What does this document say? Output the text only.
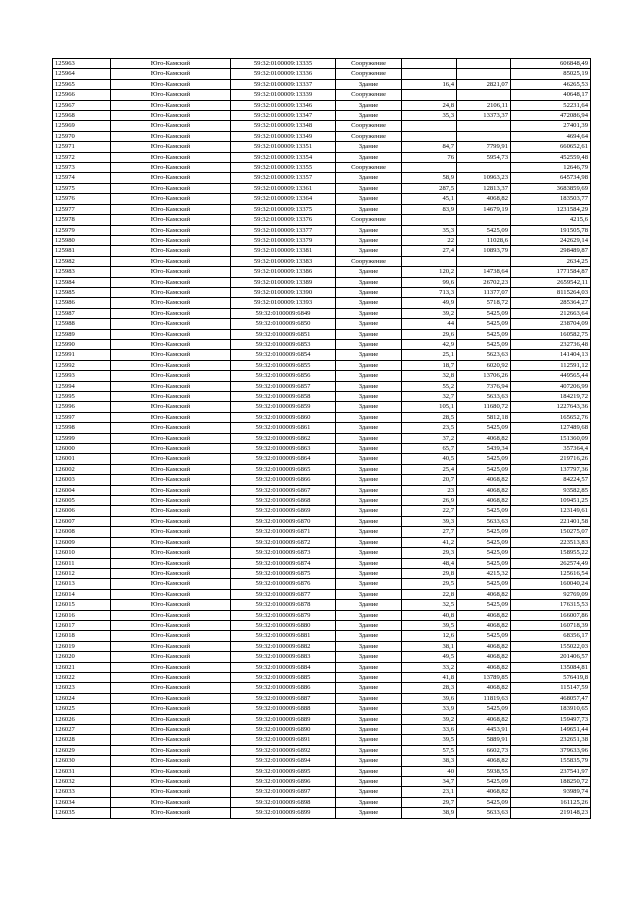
125963	Юго-Камский	59:32:0100009:13335	Сооружение			606848,49
125964	Юго-Камский	59:32:0100009:13336	Сооружение			85025,19
125965	Юго-Камский	59:32:0100009:13337	Здание	16,4	2821,07	46265,53
125966	Юго-Камский	59:32:0100009:13339	Сооружение			40648,17
125967	Юго-Камский	59:32:0100009:13346	Здание	24,8	2106,11	52231,64
125968	Юго-Камский	59:32:0100009:13347	Здание	35,3	13373,37	472086,94
125969	Юго-Камский	59:32:0100009:13348	Сооружение			27401,39
125970	Юго-Камский	59:32:0100009:13349	Сооружение			4694,64
125971	Юго-Камский	59:32:0100009:13351	Здание	84,7	7799,91	660652,61
125972	Юго-Камский	59:32:0100009:13354	Здание	76	5954,73	452559,48
125973	Юго-Камский	59:32:0100009:13355	Сооружение			12646,79
125974	Юго-Камский	59:32:0100009:13357	Здание	58,9	10963,23	645734,98
125975	Юго-Камский	59:32:0100009:13361	Здание	287,5	12813,37	3683859,69
125976	Юго-Камский	59:32:0100009:13364	Здание	45,1	4068,82	183503,77
125977	Юго-Камский	59:32:0100009:13375	Здание	83,9	14679,19	1231584,29
125978	Юго-Камский	59:32:0100009:13376	Сооружение			4215,6
125979	Юго-Камский	59:32:0100009:13377	Здание	35,3	5425,09	191505,78
125980	Юго-Камский	59:32:0100009:13379	Здание	22	11028,6	242629,14
125981	Юго-Камский	59:32:0100009:13381	Здание	27,4	10893,79	298489,87
125982	Юго-Камский	59:32:0100009:13383	Сооружение			2634,25
125983	Юго-Камский	59:32:0100009:13386	Здание	120,2	14738,64	1771584,87
125984	Юго-Камский	59:32:0100009:13389	Здание	99,6	26702,23	2659542,11
125985	Юго-Камский	59:32:0100009:13390	Здание	713,3	11377,07	8115264,03
125986	Юго-Камский	59:32:0100009:13393	Здание	49,9	5718,72	285364,27
125987	Юго-Камский	59:32:0100009:6849	Здание	39,2	5425,09	212663,64
125988	Юго-Камский	59:32:0100009:6850	Здание	44	5425,09	238704,09
125989	Юго-Камский	59:32:0100009:6851	Здание	29,6	5425,09	160582,75
125990	Юго-Камский	59:32:0100009:6853	Здание	42,9	5425,09	232736,48
125991	Юго-Камский	59:32:0100009:6854	Здание	25,1	5623,63	141404,13
125992	Юго-Камский	59:32:0100009:6855	Здание	18,7	6020,92	112591,12
125993	Юго-Камский	59:32:0100009:6856	Здание	32,8	13706,26	449565,44
125994	Юго-Камский	59:32:0100009:6857	Здание	55,2	7376,94	407206,99
125995	Юго-Камский	59:32:0100009:6858	Здание	32,7	5633,63	184219,72
125996	Юго-Камский	59:32:0100009:6859	Здание	105,1	11680,72	1227643,36
125997	Юго-Камский	59:32:0100009:6860	Здание	28,5	5812,18	165652,76
125998	Юго-Камский	59:32:0100009:6861	Здание	23,5	5425,09	127489,68
125999	Юго-Камский	59:32:0100009:6862	Здание	37,2	4068,82	151360,09
126000	Юго-Камский	59:32:0100009:6863	Здание	65,7	5439,34	357364,4
126001	Юго-Камский	59:32:0100009:6864	Здание	40,5	5425,09	219716,26
126002	Юго-Камский	59:32:0100009:6865	Здание	25,4	5425,09	137797,36
126003	Юго-Камский	59:32:0100009:6866	Здание	20,7	4068,82	84224,57
126004	Юго-Камский	59:32:0100009:6867	Здание	23	4068,82	93582,85
126005	Юго-Камский	59:32:0100009:6868	Здание	26,9	4068,82	109451,25
126006	Юго-Камский	59:32:0100009:6869	Здание	22,7	5425,09	123149,61
126007	Юго-Камский	59:32:0100009:6870	Здание	39,3	5633,63	221401,58
126008	Юго-Камский	59:32:0100009:6871	Здание	27,7	5425,09	150275,07
126009	Юго-Камский	59:32:0100009:6872	Здание	41,2	5425,09	223513,83
126010	Юго-Камский	59:32:0100009:6873	Здание	29,3	5425,09	158955,22
126011	Юго-Камский	59:32:0100009:6874	Здание	48,4	5425,09	262574,49
126012	Юго-Камский	59:32:0100009:6875	Здание	29,8	4215,32	125616,54
126013	Юго-Камский	59:32:0100009:6876	Здание	29,5	5425,09	160040,24
126014	Юго-Камский	59:32:0100009:6877	Здание	22,8	4068,82	92769,09
126015	Юго-Камский	59:32:0100009:6878	Здание	32,5	5425,09	176315,53
126016	Юго-Камский	59:32:0100009:6879	Здание	40,8	4068,82	166007,86
126017	Юго-Камский	59:32:0100009:6880	Здание	39,5	4068,82	160718,39
126018	Юго-Камский	59:32:0100009:6881	Здание	12,6	5425,09	68356,17
126019	Юго-Камский	59:32:0100009:6882	Здание	38,1	4068,82	155022,03
126020	Юго-Камский	59:32:0100009:6883	Здание	49,5	4068,82	201406,57
126021	Юго-Камский	59:32:0100009:6884	Здание	33,2	4068,82	135084,81
126022	Юго-Камский	59:32:0100009:6885	Здание	41,8	13789,85	576419,8
126023	Юго-Камский	59:32:0100009:6886	Здание	28,3	4068,82	115147,59
126024	Юго-Камский	59:32:0100009:6887	Здание	39,6	11819,63	468057,47
126025	Юго-Камский	59:32:0100009:6888	Здание	33,9	5425,09	183910,65
126026	Юго-Камский	59:32:0100009:6889	Здание	39,2	4068,82	159497,73
126027	Юго-Камский	59:32:0100009:6890	Здание	33,6	4453,91	149651,44
126028	Юго-Камский	59:32:0100009:6891	Здание	39,5	5889,91	232651,38
126029	Юго-Камский	59:32:0100009:6892	Здание	57,5	6602,73	379633,96
126030	Юго-Камский	59:32:0100009:6894	Здание	38,3	4068,82	155835,79
126031	Юго-Камский	59:32:0100009:6895	Здание	40	5938,55	237541,97
126032	Юго-Камский	59:32:0100009:6896	Здание	34,7	5425,09	188250,72
126033	Юго-Камский	59:32:0100009:6897	Здание	23,1	4068,82	93989,74
126034	Юго-Камский	59:32:0100009:6898	Здание	29,7	5425,09	161125,26
126035	Юго-Камский	59:32:0100009:6899	Здание	38,9	5633,63	219148,23
